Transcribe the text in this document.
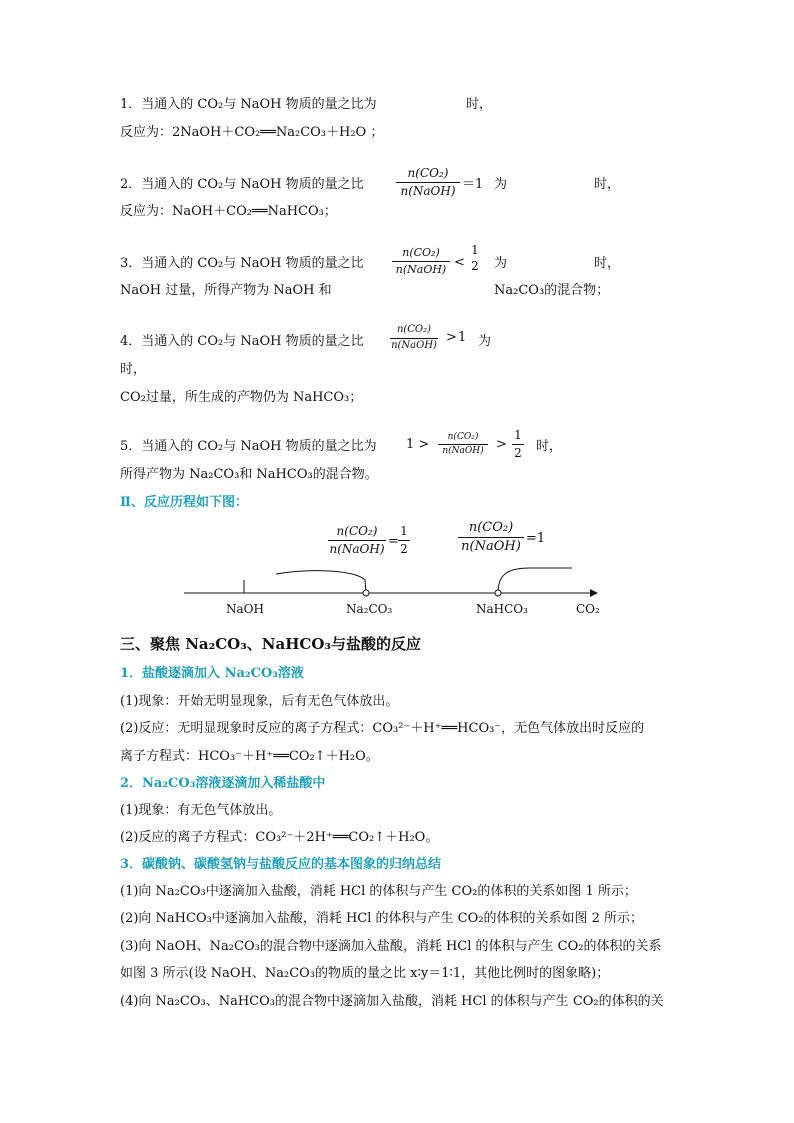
1．当通入的 CO₂与 NaOH 物质的量之比为	时，
反应为：2NaOH＋CO₂══Na₂CO₃＋H₂O ；
2．当通入的 CO₂与 NaOH 物质的量之比
n(CO₂)
n(NaOH) ＝1 为	时，
反应为：NaOH＋CO₂══NaHCO₃；
3．当通入的 CO₂与 NaOH 物质的量之比
n(CO₂)
n(NaOH) <
1
2 为	时，
NaOH 过量，所得产物为 NaOH 和	Na₂CO₃的混合物；
4．当通入的 CO₂与 NaOH 物质的量之比
n(CO₂)
n(NaOH) > 1 为
时，
CO₂过量，所生成的产物仍为 NaHCO₃；
5．当通入的 CO₂与 NaOH 物质的量之比为 1 >	n(CO₂)
n(NaOH) >
1
2 时，
所得产物为 Na₂CO₃和 NaHCO₃的混合物。
Ⅱ、反应历程如下图：
n(CO₂)
n(NaOH) =
1
2
n(CO₂)
n(NaOH)
=1
NaOH	Na₂CO₃	NaHCO₃	CO₂
三、聚焦 Na₂CO₃、NaHCO₃与盐酸的反应
1．盐酸逐滴加入 Na₂CO₃溶液
(1)现象：开始无明显现象，后有无色气体放出。
(2)反应：无明显现象时反应的离子方程式：CO₃²⁻＋H⁺══HCO₃⁻，无色气体放出时反应的
离子方程式：HCO₃⁻＋H⁺══CO₂↑＋H₂O。
2．Na₂CO₃溶液逐滴加入稀盐酸中
(1)现象：有无色气体放出。
(2)反应的离子方程式：CO₃²⁻＋2H⁺══CO₂↑＋H₂O。
3．碳酸钠、碳酸氢钠与盐酸反应的基本图象的归纳总结
(1)向 Na₂CO₃中逐滴加入盐酸，消耗 HCl 的体积与产生 CO₂的体积的关系如图 1 所示；
(2)向 NaHCO₃中逐滴加入盐酸，消耗 HCl 的体积与产生 CO₂的体积的关系如图 2 所示；
(3)向 NaOH、Na₂CO₃的混合物中逐滴加入盐酸，消耗 HCl 的体积与产生 CO₂的体积的关系
如图 3 所示(设 NaOH、Na₂CO₃的物质的量之比 x∶y＝1∶1，其他比例时的图象略)；
(4)向 Na₂CO₃、NaHCO₃的混合物中逐滴加入盐酸，消耗 HCl 的体积与产生 CO₂的体积的关
